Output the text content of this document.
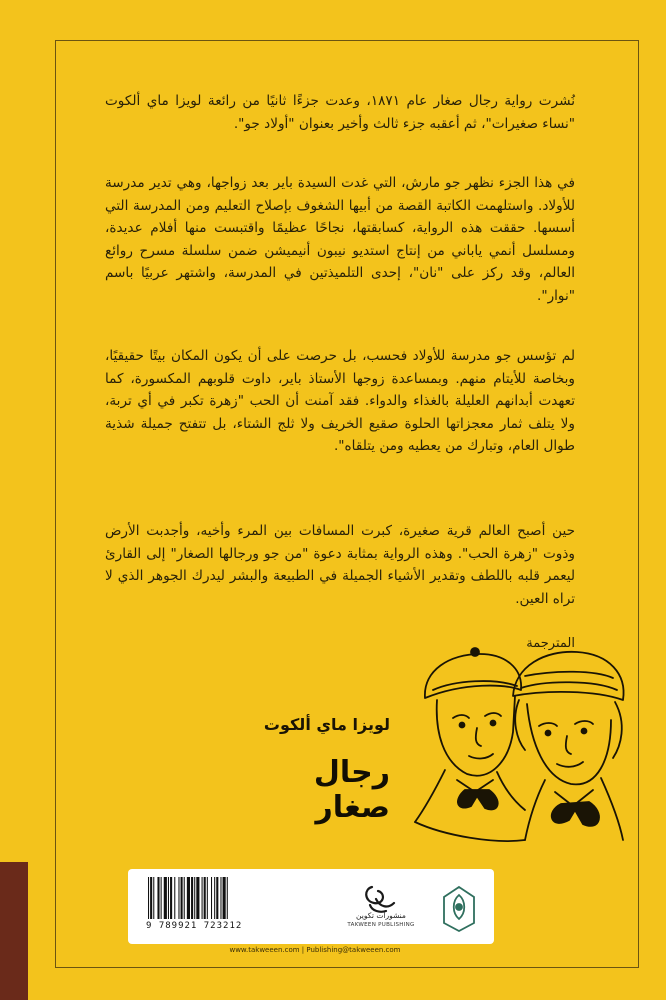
نُشرت رواية رجال صغار عام ١٨٧١، وعدت جزءًا ثانيًا من رائعة لويزا ماي ألكوت "نساء صغيرات"، ثم أعقبه جزء ثالث وأخير بعنوان "أولاد جو".

في هذا الجزء نظهر جو مارش، التي غدت السيدة باير بعد زواجها، وهي تدير مدرسة للأولاد. واستلهمت الكاتبة القصة من أبيها الشغوف بإصلاح التعليم ومن المدرسة التي أسسها. حققت هذه الرواية، كسابقتها، نجاحًا عظيمًا واقتبست منها أفلام عديدة، ومسلسل أنمي ياباني من إنتاج استديو نيبون أنيميشن ضمن سلسلة مسرح روائع العالم، وقد ركز على "نان"، إحدى التلميذتين في المدرسة، واشتهر عربيًا باسم "نوار".

لم تؤسس جو مدرسة للأولاد فحسب، بل حرصت على أن يكون المكان بيتًا حقيقيًا، وبخاصة للأيتام منهم. وبمساعدة زوجها الأستاذ باير، داوت قلوبهم المكسورة، كما تعهدت أبدانهم العليلة بالغذاء والدواء. فقد آمنت أن الحب "زهرة تكبر في أي تربة، ولا يتلف ثمار معجزاتها الحلوة صقيع الخريف ولا ثلج الشتاء، بل تتفتح جميلة شذية طوال العام، وتبارك من يعطيه ومن يتلقاه".

حين أصبح العالم قرية صغيرة، كبرت المسافات بين المرء وأخيه، وأجدبت الأرض وذوت "زهرة الحب". وهذه الرواية بمثابة دعوة "من جو ورجالها الصغار" إلى القارئ ليعمر قلبه باللطف وتقدير الأشياء الجميلة في الطبيعة والبشر ليدرك الجوهر الذي لا تراه العين.

المترجمة
لويزا ماي ألكوت
رجال صغار
9 789921 723212
منشورات تكوين
TAKWEEN PUBLISHING
www.takweeen.com | Publishing@takweeen.com
